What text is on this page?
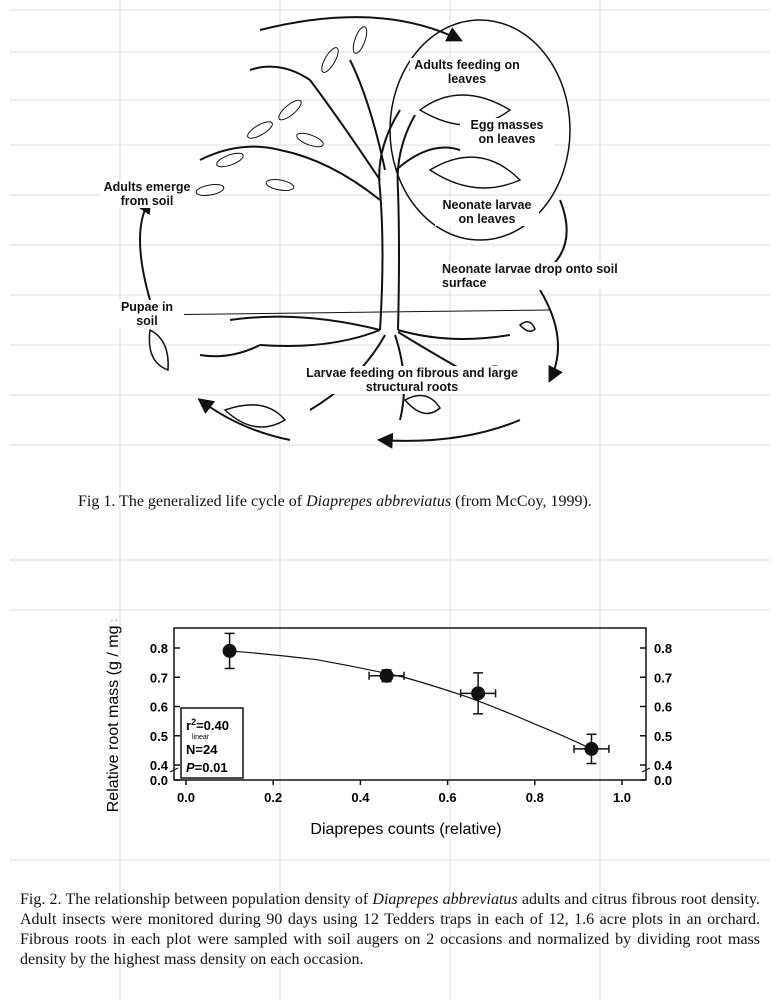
Adults feeding on leaves
Egg masses on leaves
Neonate larvae on leaves
Neonate larvae drop onto soil surface
Larvae feeding on fibrous and large structural roots
Pupae in soil
Adults emerge from soil
Fig 1. The generalized life cycle of Diaprepes abbreviatus (from McCoy, 1999).
0.0	0.0
0.4	0.4
0.5	0.5
0.6	0.6
0.7	0.7
0.8	0.8
0.0	0.2	0.4	0.6	0.8	1.0
Diaprepes counts (relative)
Relative root mass (g / mg soil)	$r^2=0.40$
linear
N=24
P=0.01
Fig. 2. The relationship between population density of Diaprepes abbreviatus adults and citrus fibrous root density. Adult insects were monitored during 90 days using 12 Tedders traps in each of 12, 1.6 acre plots in an orchard. Fibrous roots in each plot were sampled with soil augers on 2 occasions and normalized by dividing root mass density by the highest mass density on each occasion.
